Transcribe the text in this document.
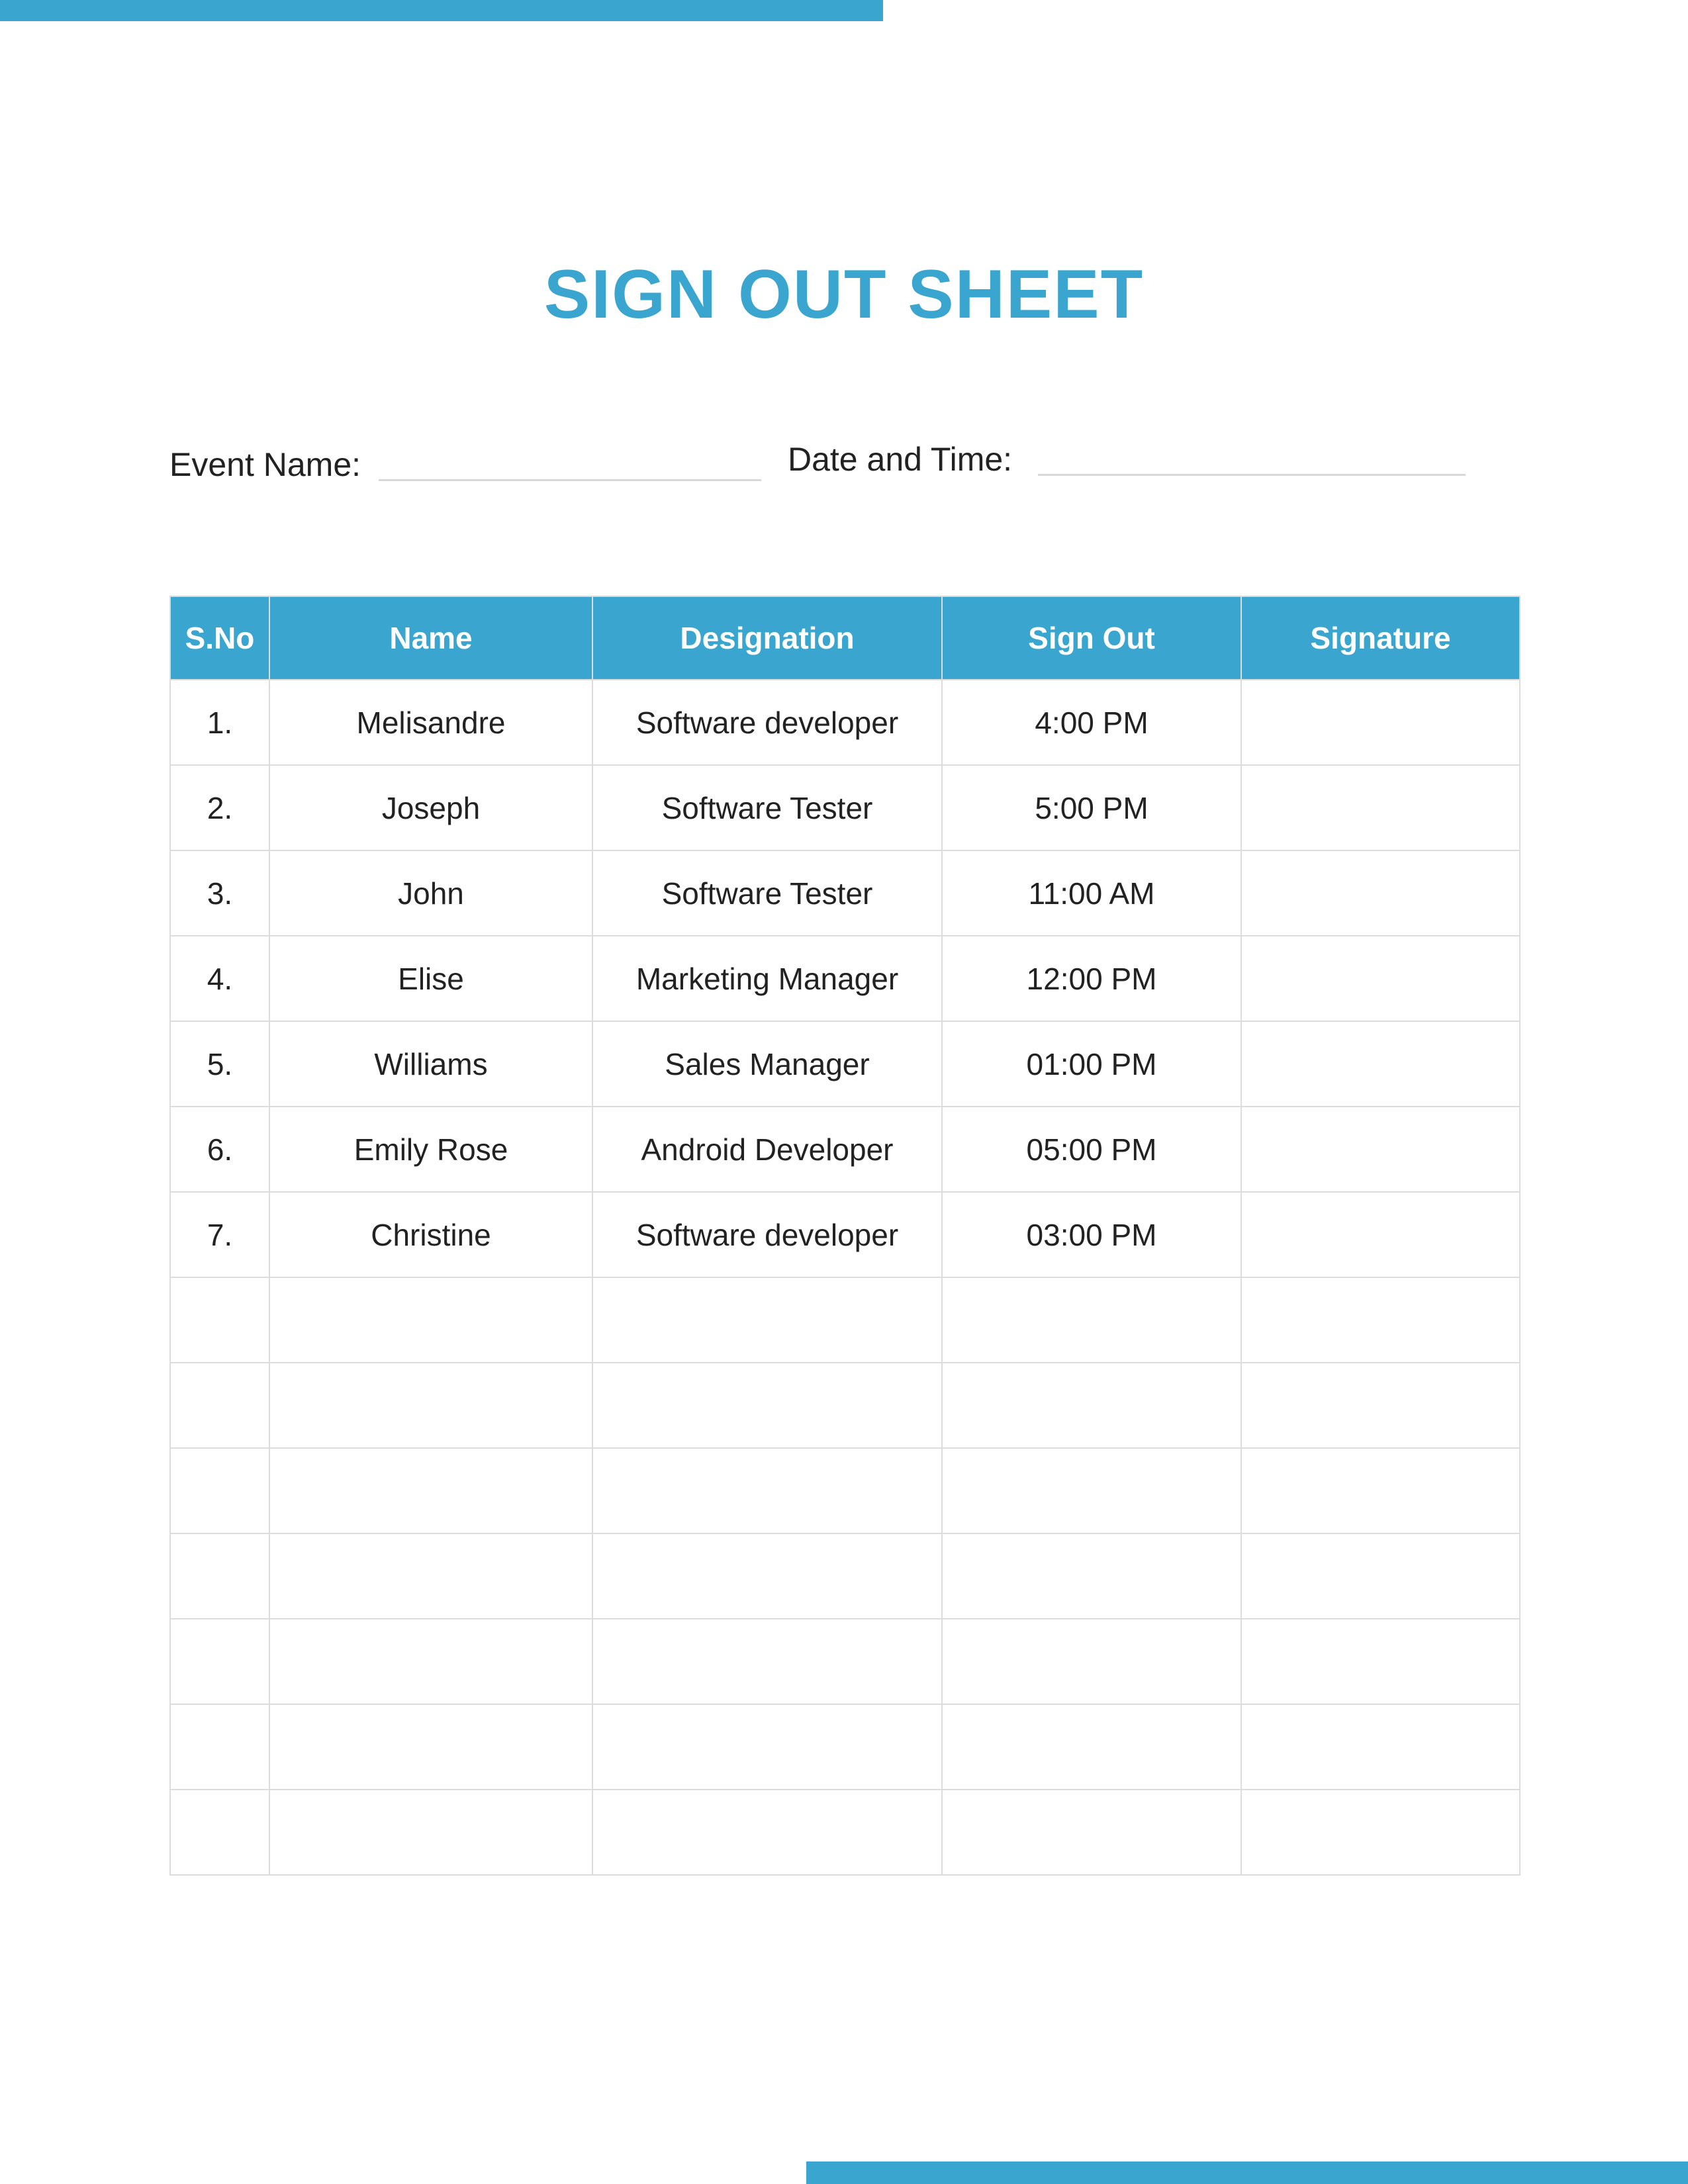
SIGN OUT SHEET
Event Name:	Date and Time:
S.No	Name	Designation	Sign Out	Signature
1.	Melisandre	Software developer	4:00 PM	
2.	Joseph	Software Tester	5:00 PM	
3.	John	Software Tester	11:00 AM	
4.	Elise	Marketing Manager	12:00 PM	
5.	Williams	Sales Manager	01:00 PM	
6.	Emily Rose	Android Developer	05:00 PM	
7.	Christine	Software developer	03:00 PM	
